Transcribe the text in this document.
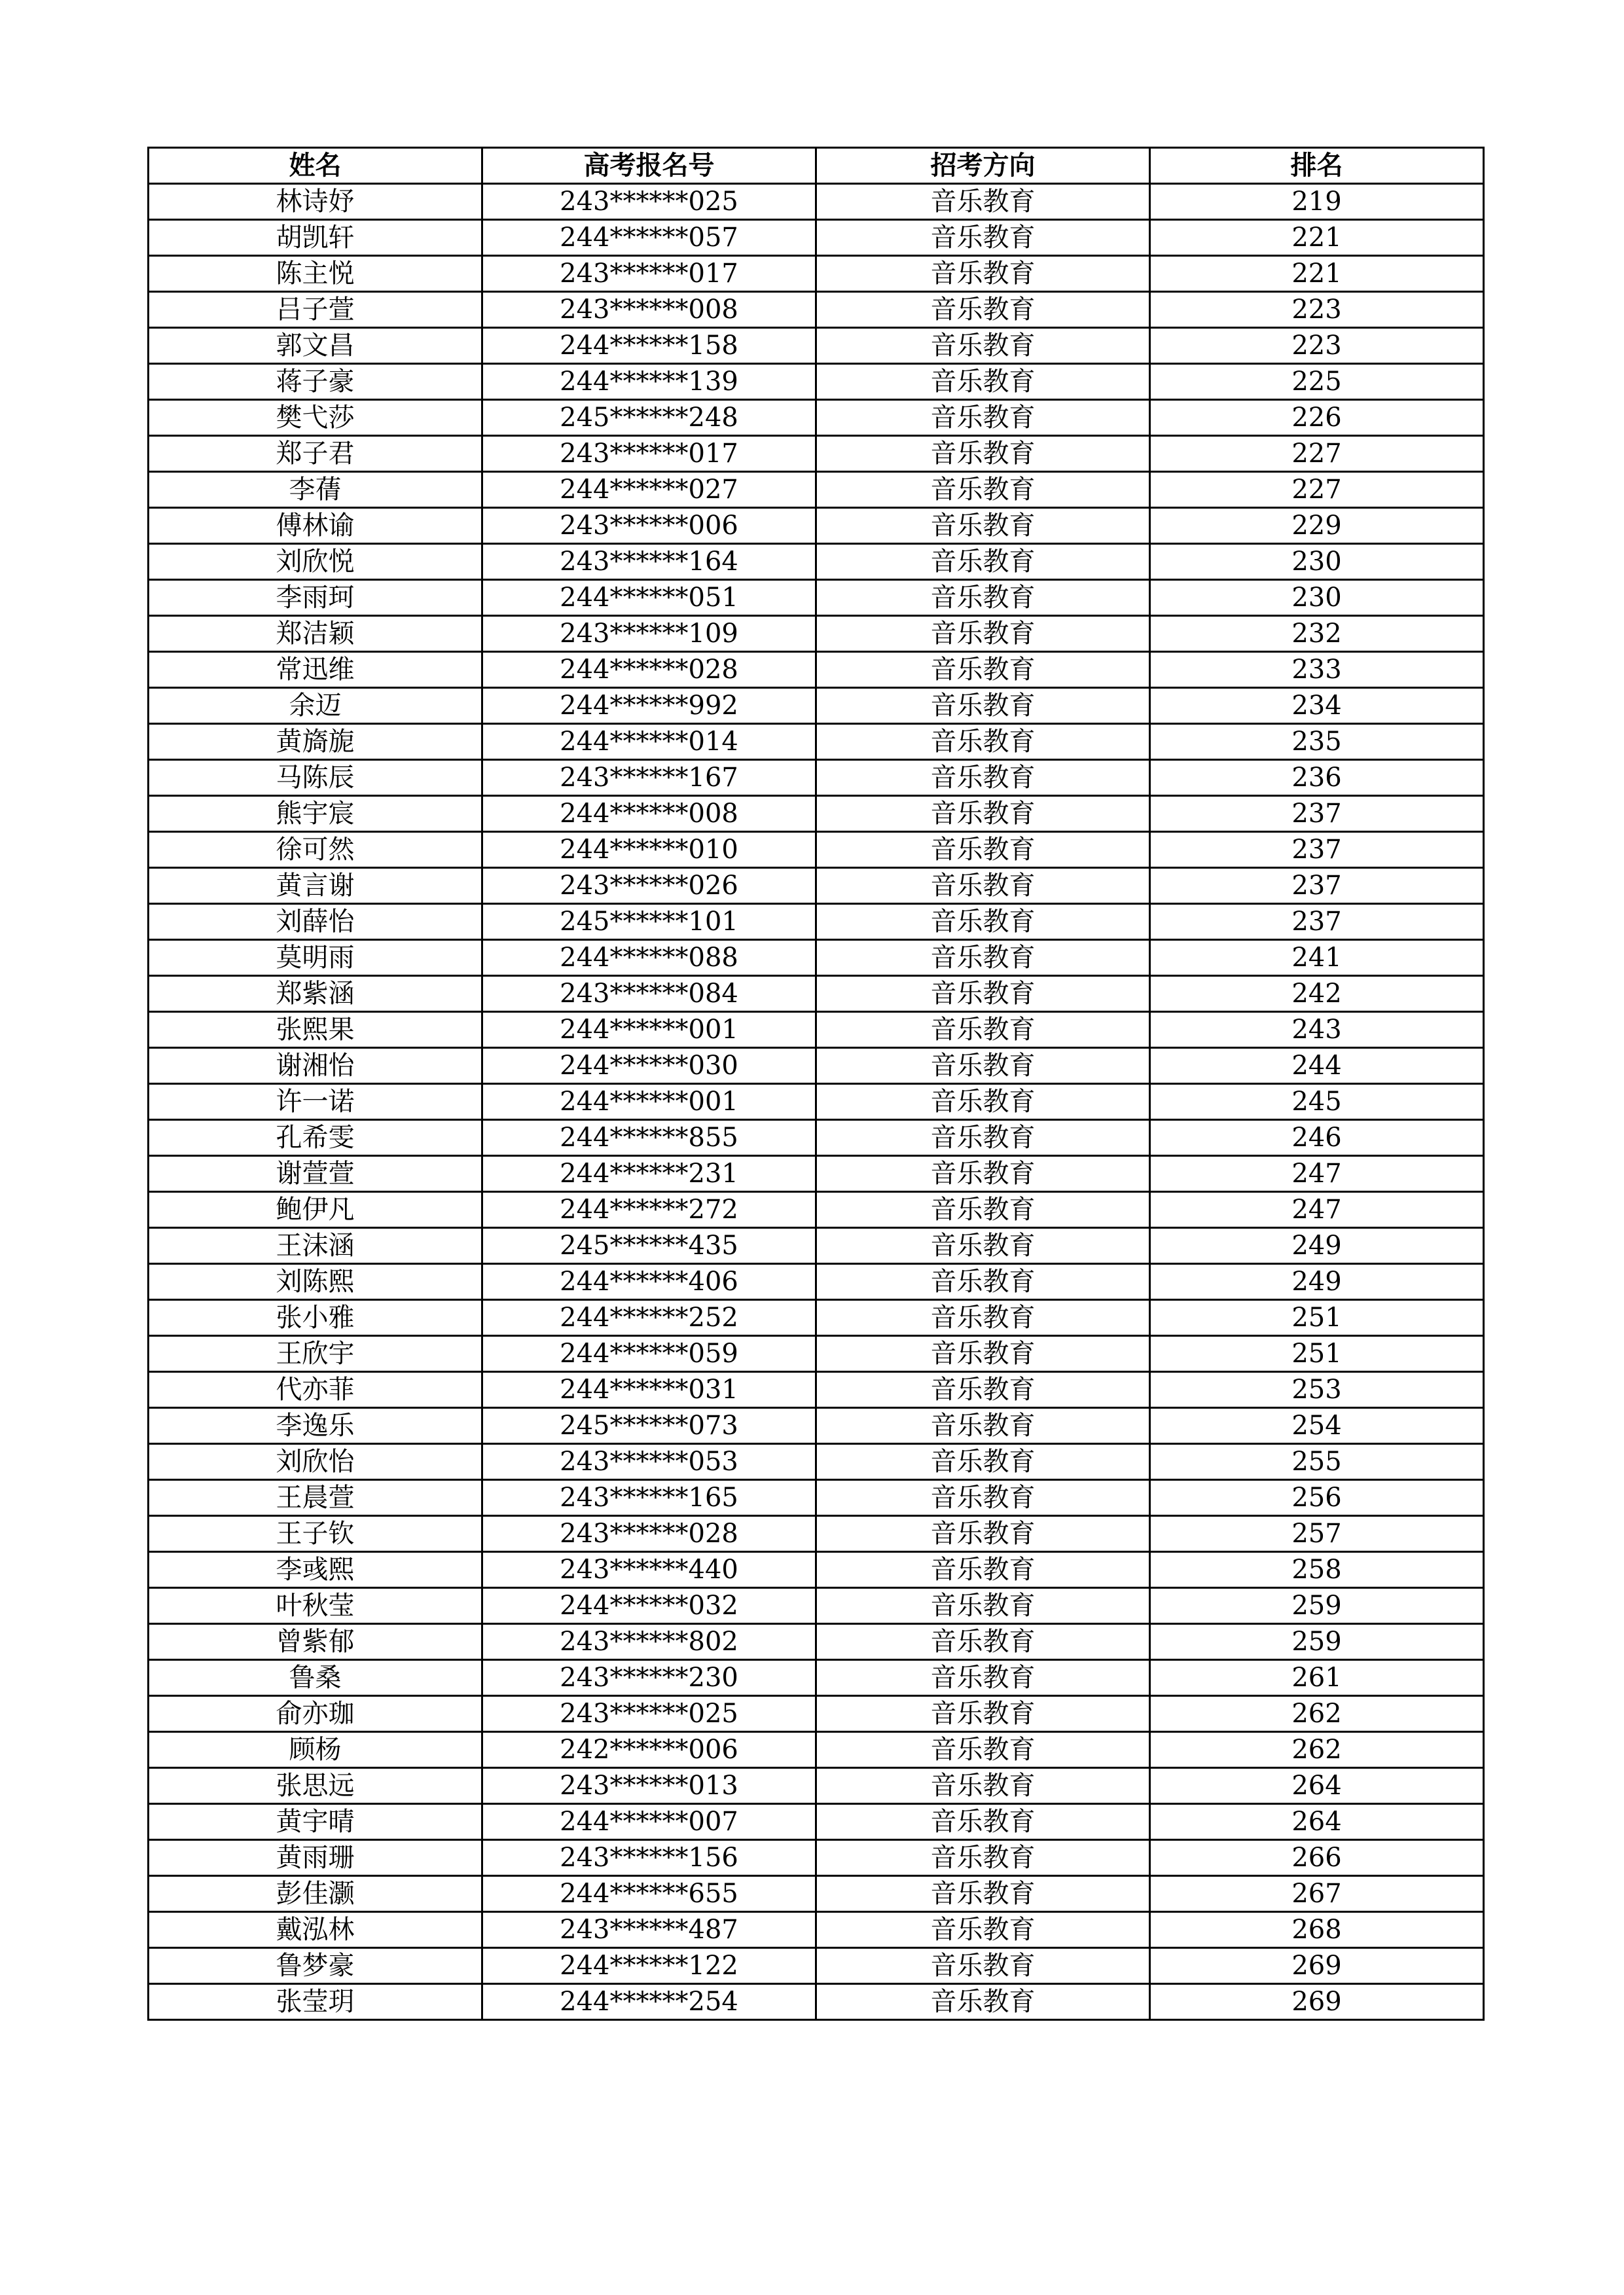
姓名	高考报名号	招考方向	排名
林诗妤	243******025	音乐教育	219
胡凯轩	244******057	音乐教育	221
陈主悦	243******017	音乐教育	221
吕子萱	243******008	音乐教育	223
郭文昌	244******158	音乐教育	223
蒋子豪	244******139	音乐教育	225
樊弋莎	245******248	音乐教育	226
郑子君	243******017	音乐教育	227
李蒨	244******027	音乐教育	227
傅林谕	243******006	音乐教育	229
刘欣悦	243******164	音乐教育	230
李雨珂	244******051	音乐教育	230
郑洁颖	243******109	音乐教育	232
常迅维	244******028	音乐教育	233
余迈	244******992	音乐教育	234
黄旖旎	244******014	音乐教育	235
马陈辰	243******167	音乐教育	236
熊宇宸	244******008	音乐教育	237
徐可然	244******010	音乐教育	237
黄言谢	243******026	音乐教育	237
刘薛怡	245******101	音乐教育	237
莫明雨	244******088	音乐教育	241
郑紫涵	243******084	音乐教育	242
张熙果	244******001	音乐教育	243
谢湘怡	244******030	音乐教育	244
许一诺	244******001	音乐教育	245
孔希雯	244******855	音乐教育	246
谢萱萱	244******231	音乐教育	247
鲍伊凡	244******272	音乐教育	247
王沫涵	245******435	音乐教育	249
刘陈熙	244******406	音乐教育	249
张小雅	244******252	音乐教育	251
王欣宇	244******059	音乐教育	251
代亦菲	244******031	音乐教育	253
李逸乐	245******073	音乐教育	254
刘欣怡	243******053	音乐教育	255
王晨萱	243******165	音乐教育	256
王子钦	243******028	音乐教育	257
李彧熙	243******440	音乐教育	258
叶秋莹	244******032	音乐教育	259
曾紫郁	243******802	音乐教育	259
鲁桑	243******230	音乐教育	261
俞亦珈	243******025	音乐教育	262
顾杨	242******006	音乐教育	262
张思远	243******013	音乐教育	264
黄宇晴	244******007	音乐教育	264
黄雨珊	243******156	音乐教育	266
彭佳灏	244******655	音乐教育	267
戴泓林	243******487	音乐教育	268
鲁梦豪	244******122	音乐教育	269
张莹玥	244******254	音乐教育	269
